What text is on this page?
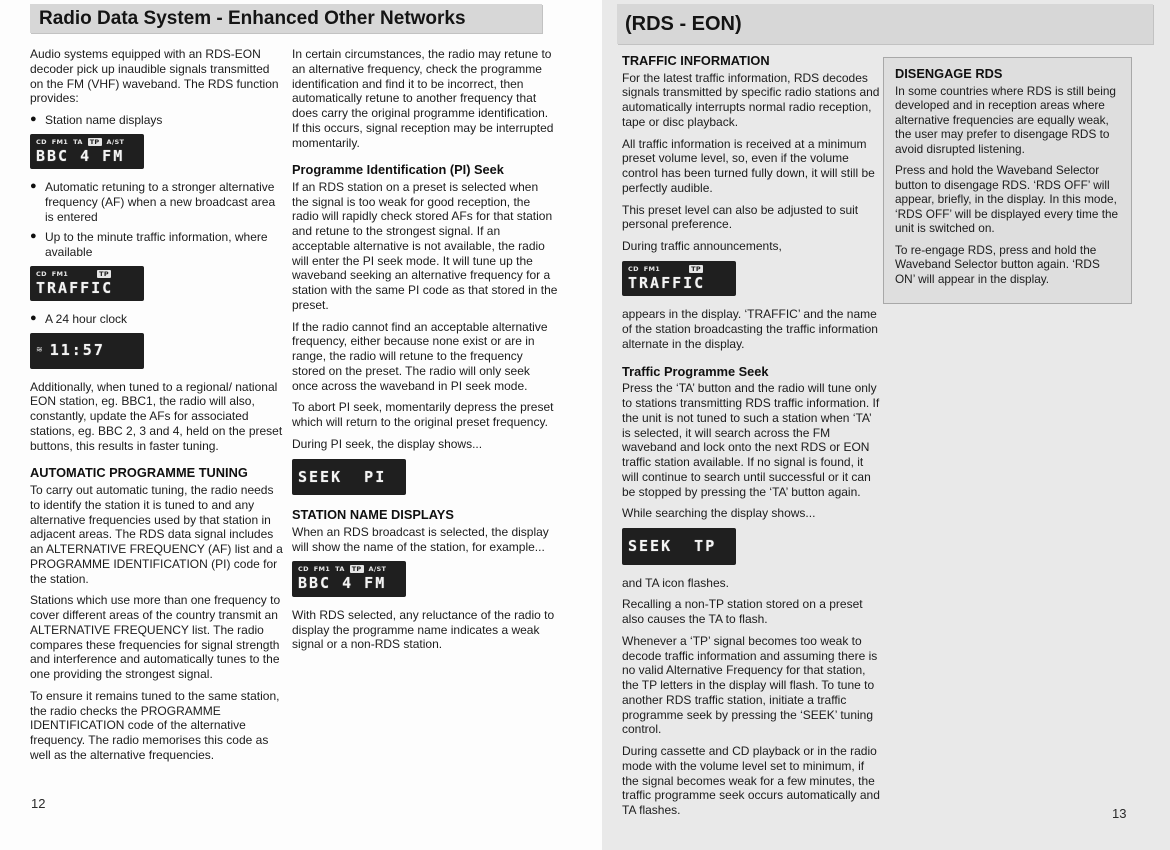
Radio Data System - Enhanced Other Networks

Audio systems equipped with an RDS-EON decoder pick up inaudible signals transmitted on the FM (VHF) waveband. The RDS function provides:

● Station name displays
CD FM1 TA	TP	A/ST
BBC 4 FM
● Automatic retuning to a stronger alternative frequency (AF) when a new broadcast area is entered
● Up to the minute traffic information, where available
CD FM1	TP
TRAFFIC
● A 24 hour clock
≋ 11:57

Additionally, when tuned to a regional/ national EON station, eg. BBC1, the radio will also, constantly, update the AFs for associated stations, eg. BBC 2, 3 and 4, held on the preset buttons, this results in faster tuning.

AUTOMATIC PROGRAMME TUNING

To carry out automatic tuning, the radio needs to identify the station it is tuned to and any alternative frequencies used by that station in adjacent areas. The RDS data signal includes an ALTERNATIVE FREQUENCY (AF) list and a PROGRAMME IDENTIFICATION (PI) code for the station.

Stations which use more than one frequency to cover different areas of the country transmit an ALTERNATIVE FREQUENCY list. The radio compares these frequencies for signal strength and interference and automatically tunes to the one providing the strongest signal.

To ensure it remains tuned to the same station, the radio checks the PROGRAMME IDENTIFICATION code of the alternative frequency. The radio memorises this code as well as the alternative frequencies.

In certain circumstances, the radio may retune to an alternative frequency, check the programme identification and find it to be incorrect, then automatically retune to another frequency that does carry the original programme identification. If this occurs, signal reception may be interrupted momentarily.

Programme Identification (PI) Seek

If an RDS station on a preset is selected when the signal is too weak for good reception, the radio will rapidly check stored AFs for that station and retune to the strongest signal. If an acceptable alternative is not available, the radio will enter the PI seek mode. It will tune up the waveband seeking an alternative frequency for a station with the same PI code as that stored in the preset.

If the radio cannot find an acceptable alternative frequency, either because none exist or are in range, the radio will retune to the frequency stored on the preset. The radio will only seek once across the waveband in PI seek mode.

To abort PI seek, momentarily depress the preset which will return to the original preset frequency.

During PI seek, the display shows...

SEEK  PI
STATION NAME DISPLAYS

When an RDS broadcast is selected, the display will show the name of the station, for example...

CD FM1 TA	TP	A/ST
BBC 4 FM

With RDS selected, any reluctance of the radio to display the programme name indicates a weak signal or a non-RDS station.

12
(RDS - EON)
TRAFFIC INFORMATION

For the latest traffic information, RDS decodes signals transmitted by specific radio stations and automatically interrupts normal radio reception, tape or disc playback.

All traffic information is received at a minimum preset volume level, so, even if the volume control has been turned fully down, it will still be perfectly audible.

This preset level can also be adjusted to suit personal preference.

During traffic announcements,

CD FM1	TP
TRAFFIC

appears in the display. ‘TRAFFIC’ and the name of the station broadcasting the traffic information alternate in the display.

Traffic Programme Seek

Press the ‘TA’ button and the radio will tune only to stations transmitting RDS traffic information. If the unit is not tuned to such a station when ‘TA’ is selected, it will search across the FM waveband and lock onto the next RDS or EON traffic station available. If no signal is found, it will continue to search until successful or it can be stopped by pressing the ‘TA’ button again.

While searching the display shows...

SEEK  TP

and TA icon flashes.

Recalling a non-TP station stored on a preset also causes the TA to flash.

Whenever a ‘TP’ signal becomes too weak to decode traffic information and assuming there is no valid Alternative Frequency for that station, the TP letters in the display will flash. To tune to another RDS traffic station, initiate a traffic programme seek by pressing the ‘SEEK’ tuning control.

During cassette and CD playback or in the radio mode with the volume level set to minimum, if the signal becomes weak for a few minutes, the traffic programme seek occurs automatically and TA flashes.

DISENGAGE RDS

In some countries where RDS is still being developed and in reception areas where alternative frequencies are equally weak, the user may prefer to disengage RDS to avoid disrupted listening.

Press and hold the Waveband Selector button to disengage RDS. ‘RDS OFF’ will appear, briefly, in the display. In this mode, ‘RDS OFF’ will be displayed every time the unit is switched on.

To re-engage RDS, press and hold the Waveband Selector button again. ‘RDS ON’ will appear in the display.

13
